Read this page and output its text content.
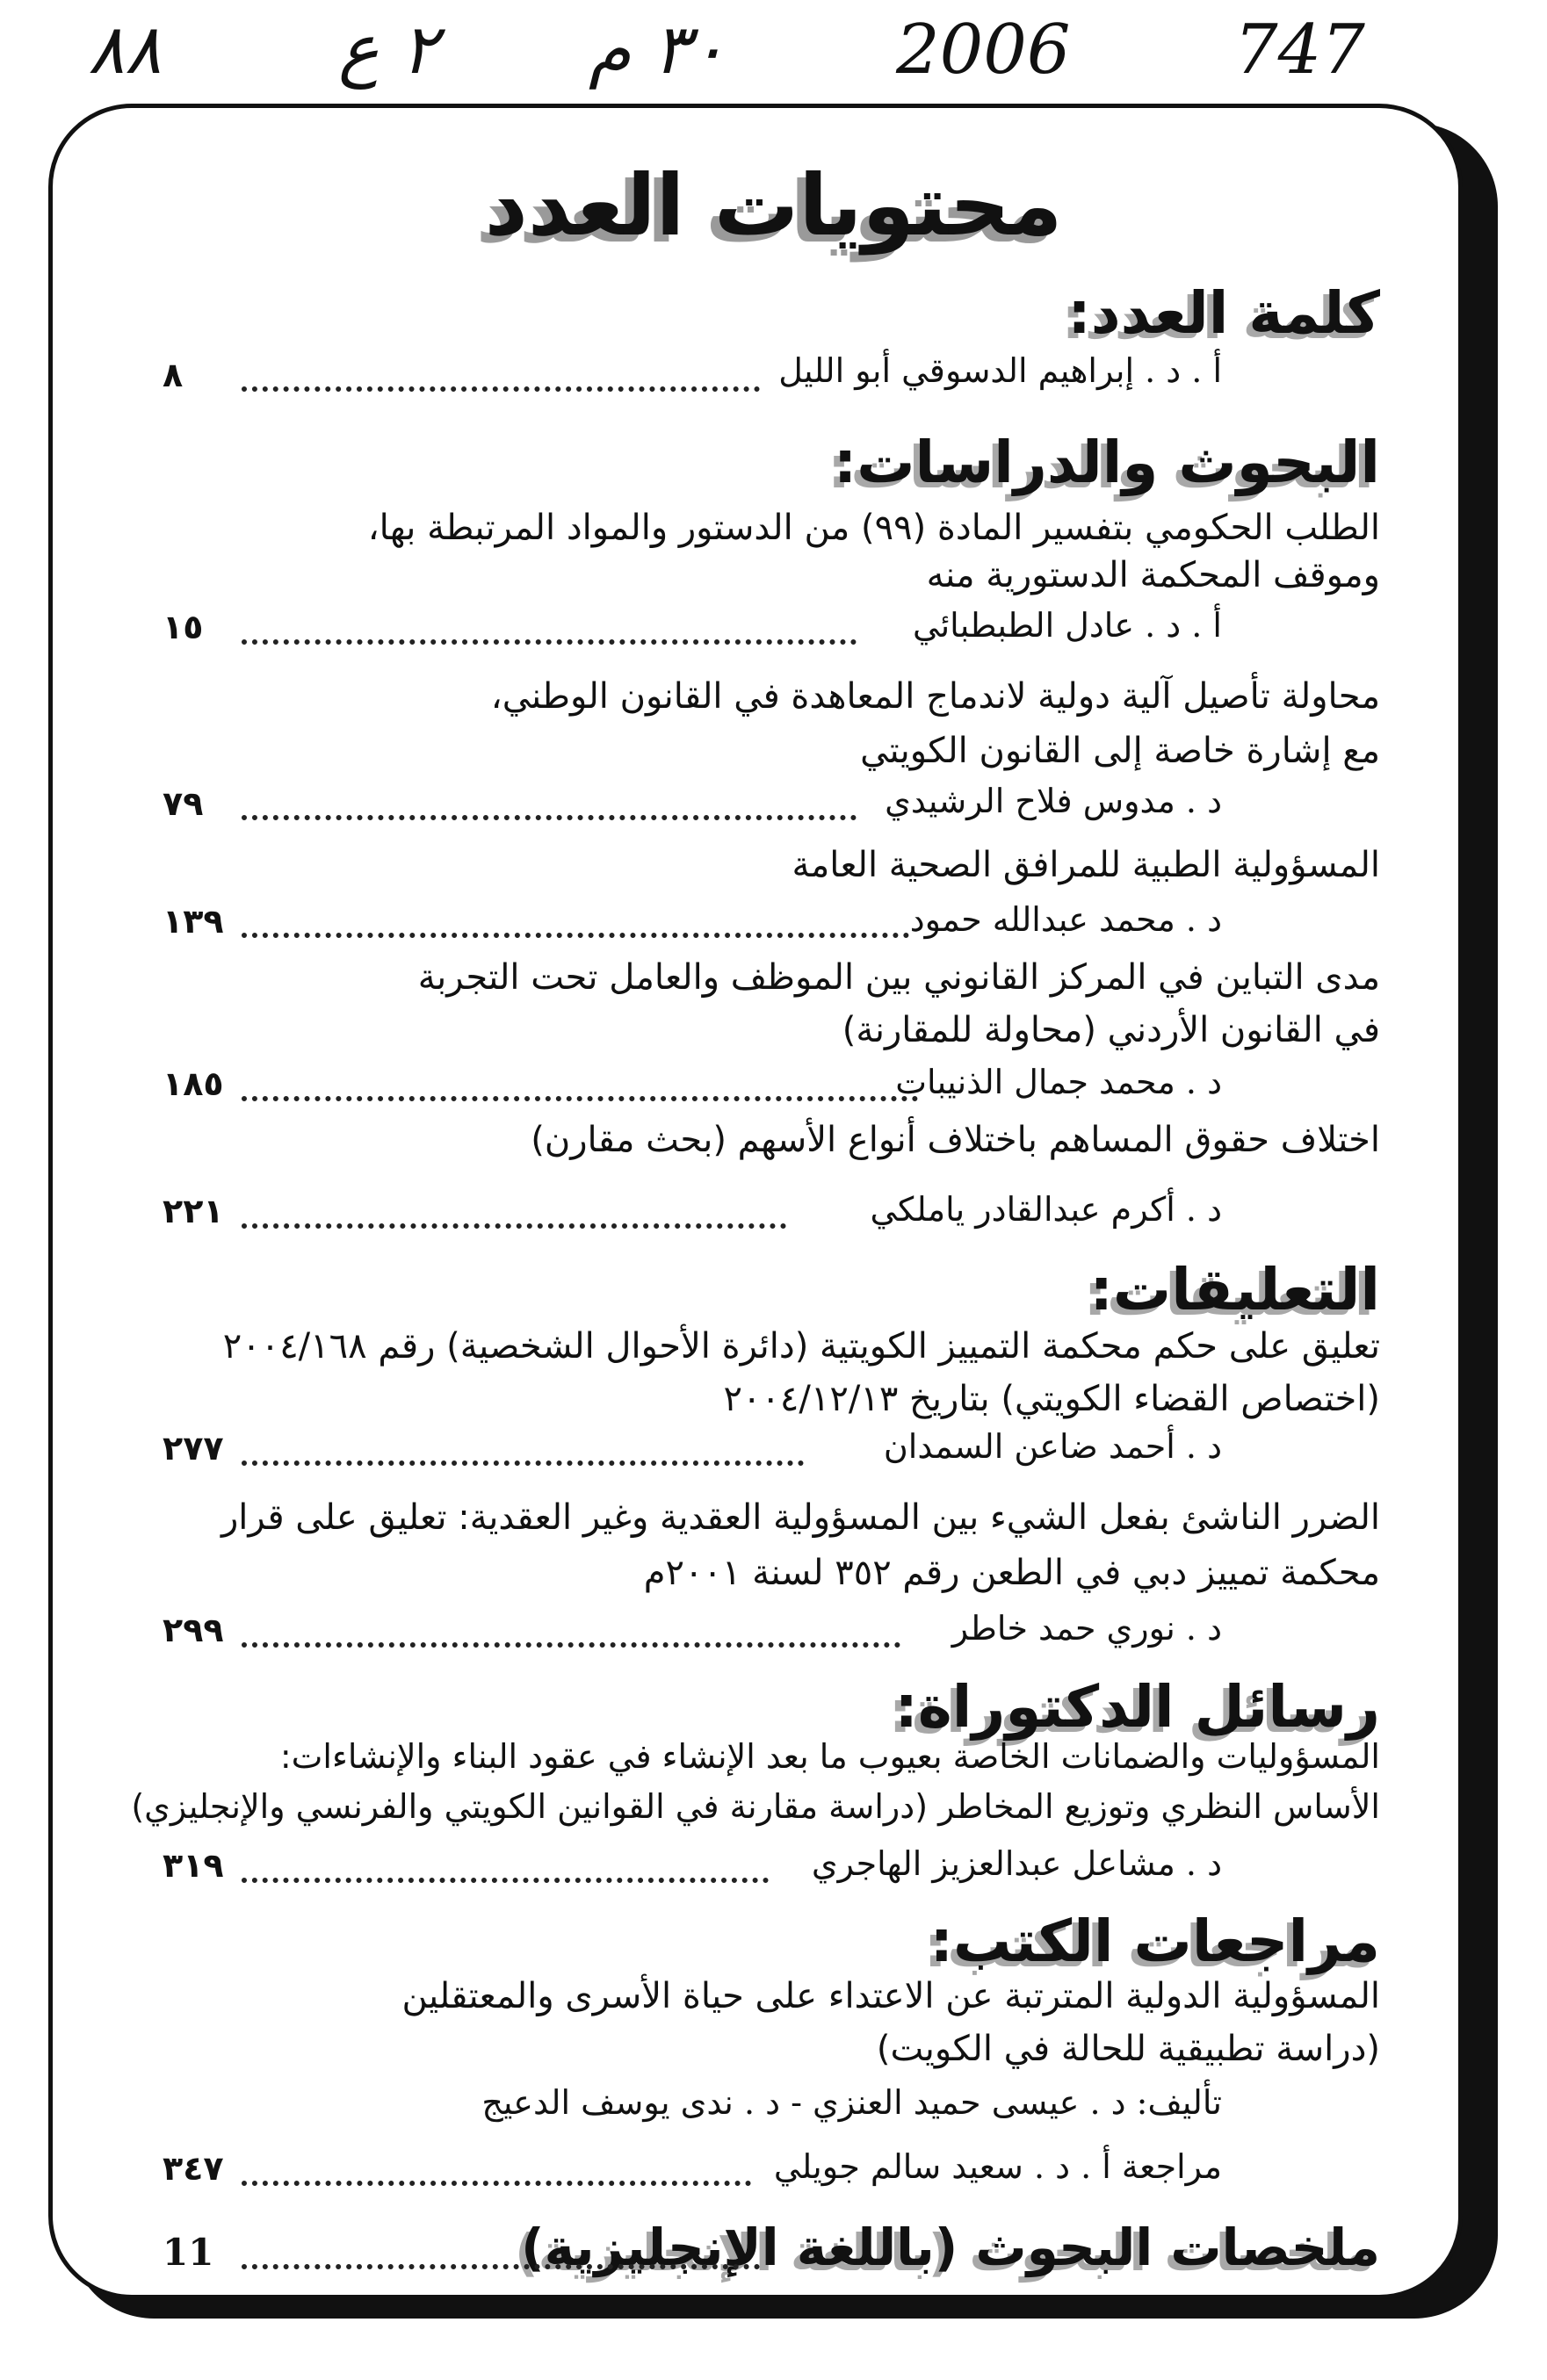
٨٨	٢ ع ٣٠ م 2006 747
محتويات العدد
كلمة العدد:
أ . د . إبراهيم الدسوقي أبو الليل
٨
البحوث والدراسات:
الطلب الحكومي بتفسير المادة (٩٩) من الدستور والمواد المرتبطة بها،
وموقف المحكمة الدستورية منه
أ . د . عادل الطبطبائي
١٥
محاولة تأصيل آلية دولية لاندماج المعاهدة في القانون الوطني،
مع إشارة خاصة إلى القانون الكويتي
د . مدوس فلاح الرشيدي
٧٩
المسؤولية الطبية للمرافق الصحية العامة
د . محمد عبدالله حمود
١٣٩
مدى التباين في المركز القانوني بين الموظف والعامل تحت التجربة
في القانون الأردني (محاولة للمقارنة)
د . محمد جمال الذنيبات
١٨٥
اختلاف حقوق المساهم باختلاف أنواع الأسهم (بحث مقارن)
د . أكرم عبدالقادر ياملكي
٢٢١
التعليقات:
تعليق على حكم محكمة التمييز الكويتية (دائرة الأحوال الشخصية) رقم ٢٠٠٤/١٦٨
(اختصاص القضاء الكويتي) بتاريخ ٢٠٠٤/١٢/١٣
د . أحمد ضاعن السمدان
٢٧٧
الضرر الناشئ بفعل الشيء بين المسؤولية العقدية وغير العقدية: تعليق على قرار
محكمة تمييز دبي في الطعن رقم ٣٥٢ لسنة ٢٠٠١م
د . نوري حمد خاطر
٢٩٩
رسائل الدكتوراة:
المسؤوليات والضمانات الخاصة بعيوب ما بعد الإنشاء في عقود البناء والإنشاءات:
الأساس النظري وتوزيع المخاطر (دراسة مقارنة في القوانين الكويتي والفرنسي والإنجليزي)
د . مشاعل عبدالعزيز الهاجري
٣١٩
مراجعات الكتب:
المسؤولية الدولية المترتبة عن الاعتداء على حياة الأسرى والمعتقلين
(دراسة تطبيقية للحالة في الكويت)
تأليف: د . عيسى حميد العنزي - د . ندى يوسف الدعيج
مراجعة أ . د . سعيد سالم جويلي
٣٤٧
ملخصات البحوث (باللغة الإنجليزية)
11
